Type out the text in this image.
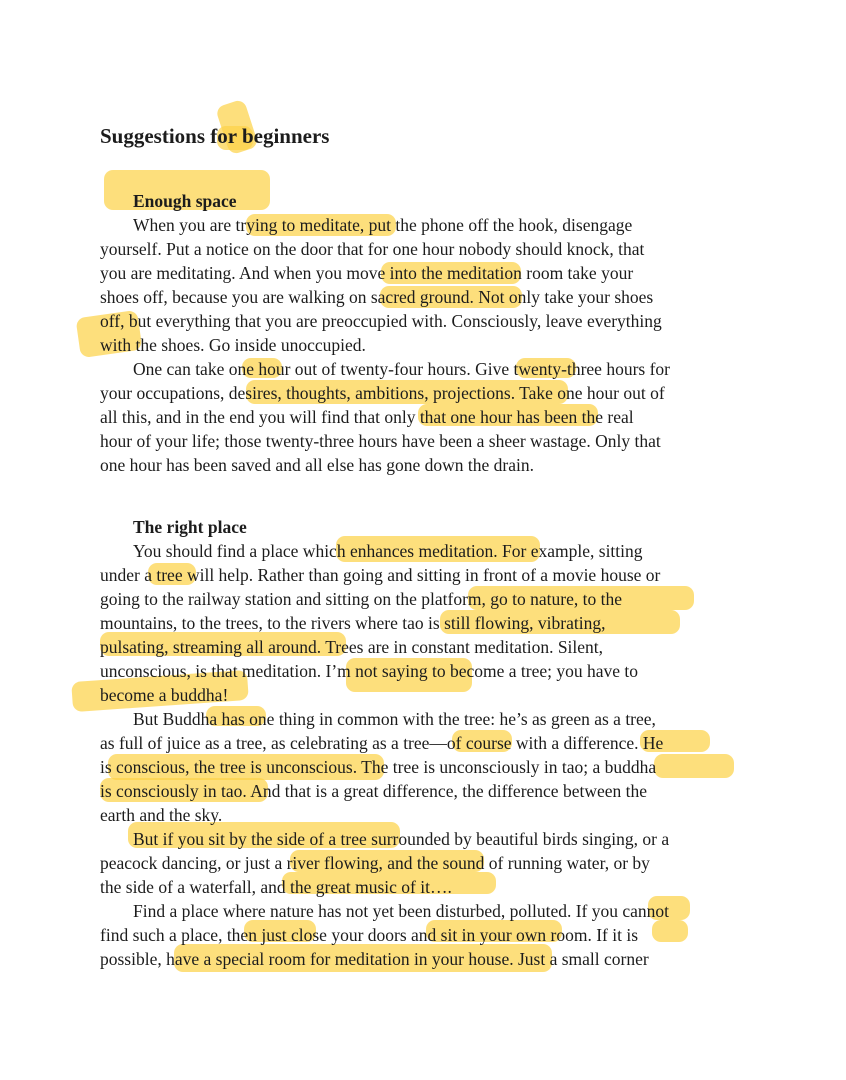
Suggestions for beginners
Enough space
When you are trying to meditate, put the phone off the hook, disengage
yourself. Put a notice on the door that for one hour nobody should knock, that
you are meditating. And when you move into the meditation room take your
shoes off, because you are walking on sacred ground. Not only take your shoes
off, but everything that you are preoccupied with. Consciously, leave everything
with the shoes. Go inside unoccupied.
One can take one hour out of twenty-four hours. Give twenty-three hours for
your occupations, desires, thoughts, ambitions, projections. Take one hour out of
all this, and in the end you will find that only that one hour has been the real
hour of your life; those twenty-three hours have been a sheer wastage. Only that
one hour has been saved and all else has gone down the drain.
The right place
You should find a place which enhances meditation. For example, sitting
under a tree will help. Rather than going and sitting in front of a movie house or
going to the railway station and sitting on the platform, go to nature, to the
mountains, to the trees, to the rivers where tao is still flowing, vibrating,
pulsating, streaming all around. Trees are in constant meditation. Silent,
unconscious, is that meditation. I’m not saying to become a tree; you have to
become a buddha!
But Buddha has one thing in common with the tree: he’s as green as a tree,
as full of juice as a tree, as celebrating as a tree—of course with a difference. He
is conscious, the tree is unconscious. The tree is unconsciously in tao; a buddha
is consciously in tao. And that is a great difference, the difference between the
earth and the sky.
But if you sit by the side of a tree surrounded by beautiful birds singing, or a
peacock dancing, or just a river flowing, and the sound of running water, or by
the side of a waterfall, and the great music of it….
Find a place where nature has not yet been disturbed, polluted. If you cannot
find such a place, then just close your doors and sit in your own room. If it is
possible, have a special room for meditation in your house. Just a small corner
